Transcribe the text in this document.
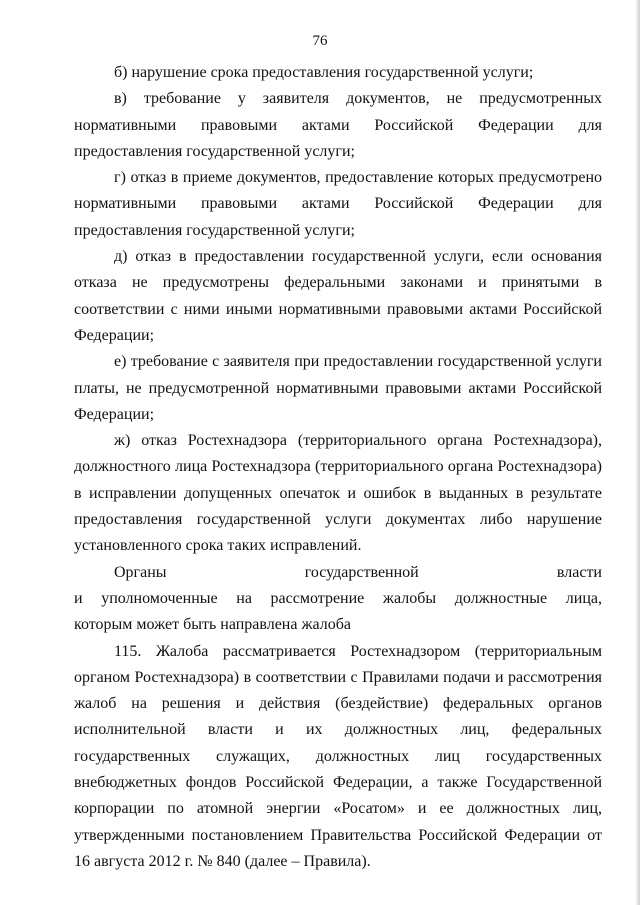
76

б) нарушение срока предоставления государственной услуги;

в) требование у заявителя документов, не предусмотренных нормативными правовыми актами Российской Федерации для предоставления государственной услуги;

г) отказ в приеме документов, предоставление которых предусмотрено нормативными правовыми актами Российской Федерации для предоставления государственной услуги;

д) отказ в предоставлении государственной услуги, если основания отказа не предусмотрены федеральными законами и принятыми в соответствии с ними иными нормативными правовыми актами Российской Федерации;

е) требование с заявителя при предоставлении государственной услуги платы, не предусмотренной нормативными правовыми актами Российской Федерации;

ж) отказ Ростехнадзора (территориального органа Ростехнадзора), должностного лица Ростехнадзора (территориального органа Ростехнадзора) в исправлении допущенных опечаток и ошибок в выданных в результате предоставления государственной услуги документах либо нарушение установленного срока таких исправлений.

Органы государственной власти

и уполномоченные на рассмотрение жалобы должностные лица,

которым может быть направлена жалоба

115. Жалоба рассматривается Ростехнадзором (территориальным органом Ростехнадзора) в соответствии с Правилами подачи и рассмотрения жалоб на решения и действия (бездействие) федеральных органов исполнительной власти и их должностных лиц, федеральных государственных служащих, должностных лиц государственных внебюджетных фондов Российской Федерации, а также Государственной корпорации по атомной энергии «Росатом» и ее должностных лиц, утвержденными постановлением Правительства Российской Федерации от 16 августа 2012 г. № 840 (далее – Правила).
